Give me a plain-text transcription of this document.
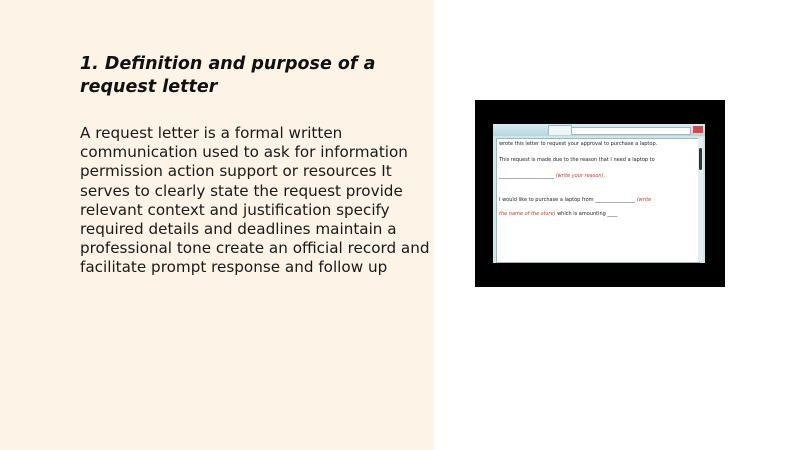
1. Definition and purpose of a request letter

A request letter is a formal written communication used to ask for information permission action support or resources It serves to clearly state the request provide relevant context and justification specify required details and deadlines maintain a professional tone create an official record and facilitate prompt response and follow up

wrote this letter to request your approval to purchase a laptop.

This request is made due to the reason that I need a laptop to

______________________ (write your reason).

I would like to purchase a laptop from ________________ (write

the name of the store) which is amounting ____
